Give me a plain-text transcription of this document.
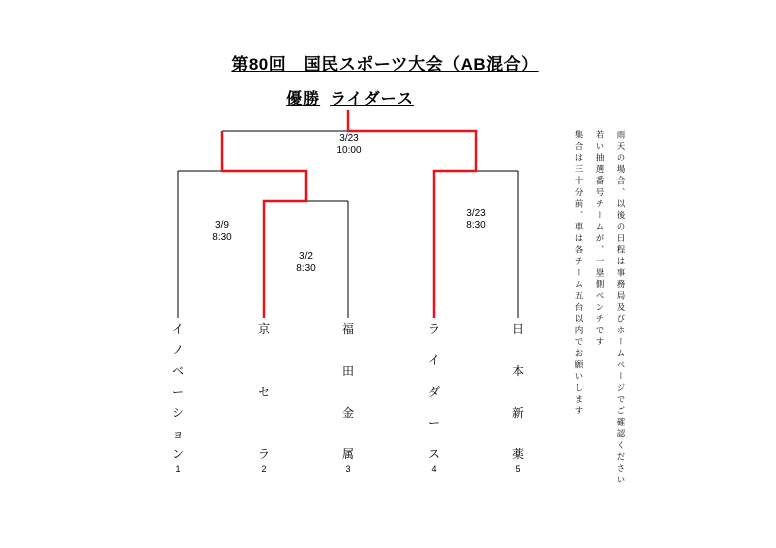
第80回　国民スポーツ大会（AB混合）
優勝 ライダース
3/23
10:00
3/9
8:30
3/2
8:30
3/23
8:30
イ
ノ
ベ
ー
シ
ョ
ン
京
セ
ラ
福
田
金
属
ラ
イ
ダ
ー
ス
日
本
新
薬
1	2	3	4	5	雨天の場合、以後の日程は事務局及びホームページでご確認ください
若い抽選番号チームが、一塁側ベンチです
集合は三十分前、車は各チーム五台以内でお願いします
